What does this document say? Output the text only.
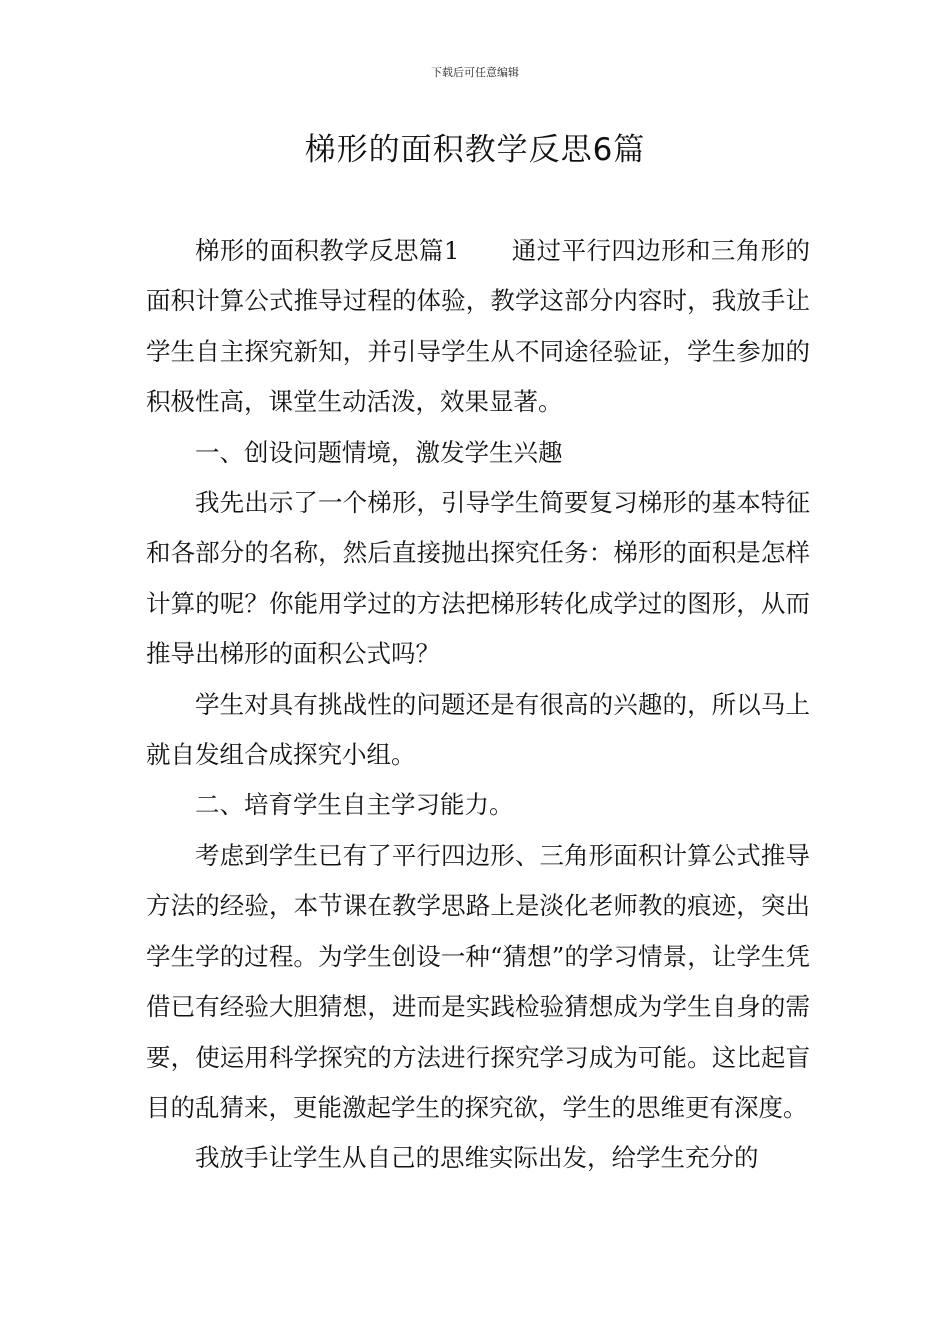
下载后可任意编辑
梯形的面积教学反思6篇

梯形的面积教学反思篇1 通过平行四边形和三角形的面积计算公式推导过程的体验，教学这部分内容时，我放手让学生自主探究新知，并引导学生从不同途径验证，学生参加的积极性高，课堂生动活泼，效果显著。

一、创设问题情境，激发学生兴趣

我先出示了一个梯形，引导学生简要复习梯形的基本特征和各部分的名称，然后直接抛出探究任务：梯形的面积是怎样计算的呢？你能用学过的方法把梯形转化成学过的图形，从而推导出梯形的面积公式吗？

学生对具有挑战性的问题还是有很高的兴趣的，所以马上就自发组合成探究小组。

二、培育学生自主学习能力。

考虑到学生已有了平行四边形、三角形面积计算公式推导方法的经验，本节课在教学思路上是淡化老师教的痕迹，突出学生学的过程。为学生创设一种“猜想”的学习情景，让学生凭借已有经验大胆猜想，进而是实践检验猜想成为学生自身的需要，使运用科学探究的方法进行探究学习成为可能。这比起盲目的乱猜来，更能激起学生的探究欲，学生的思维更有深度。

我放手让学生从自己的思维实际出发，给学生充分的
